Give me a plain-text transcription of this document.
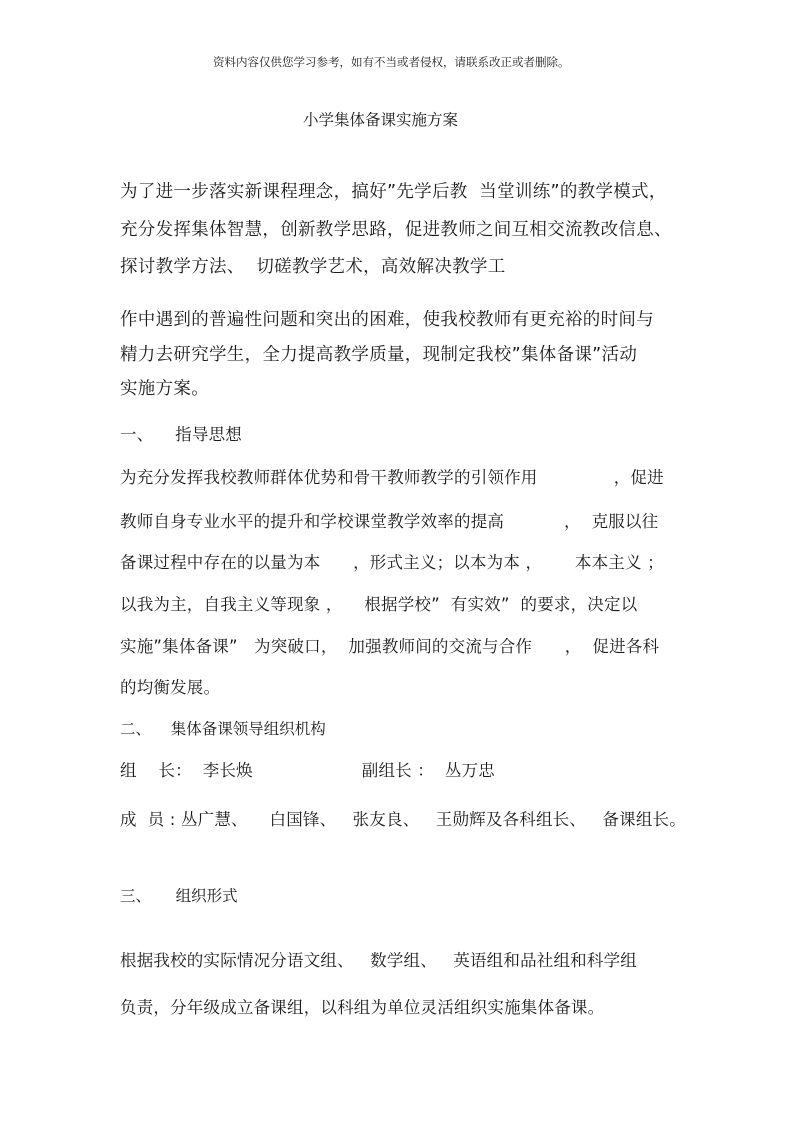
资料内容仅供您学习参考，如有不当或者侵权，请联系改正或者删除。
小学集体备课实施方案
为了进一步落实新课程理念，搞好”先学后教  当堂训练”的教学模式，
充分发挥集体智慧，创新教学思路，促进教师之间互相交流教改信息、
探讨教学方法、  切磋教学艺术，高效解决教学工
作中遇到的普遍性问题和突出的困难，使我校教师有更充裕的时间与
精力去研究学生，全力提高教学质量，现制定我校”集体备课”活动
实施方案。
一、    指导思想
为充分发挥我校教师群体优势和骨干教师教学的引领作用              ，促进
教师自身专业水平的提升和学校课堂教学效率的提高           ，  克服以往
备课过程中存在的以量为本      ，形式主义；以本为本 ，      本本主义 ；
以我为主，自我主义等现象 ，    根据学校”  有实效”  的要求，决定以
实施”集体备课”   为突破口，  加强教师间的交流与合作      ，  促进各科
的均衡发展。
二、    集体备课领导组织机构
组    长：  李长焕                    副组长 ：  丛万忠
成  员 : 丛广慧、    白国锋、   张友良、   王勋辉及各科组长、   备课组长。
三、     组织形式
根据我校的实际情况分语文组、   数学组、   英语组和品社组和科学组
负责，分年级成立备课组，以科组为单位灵活组织实施集体备课。
